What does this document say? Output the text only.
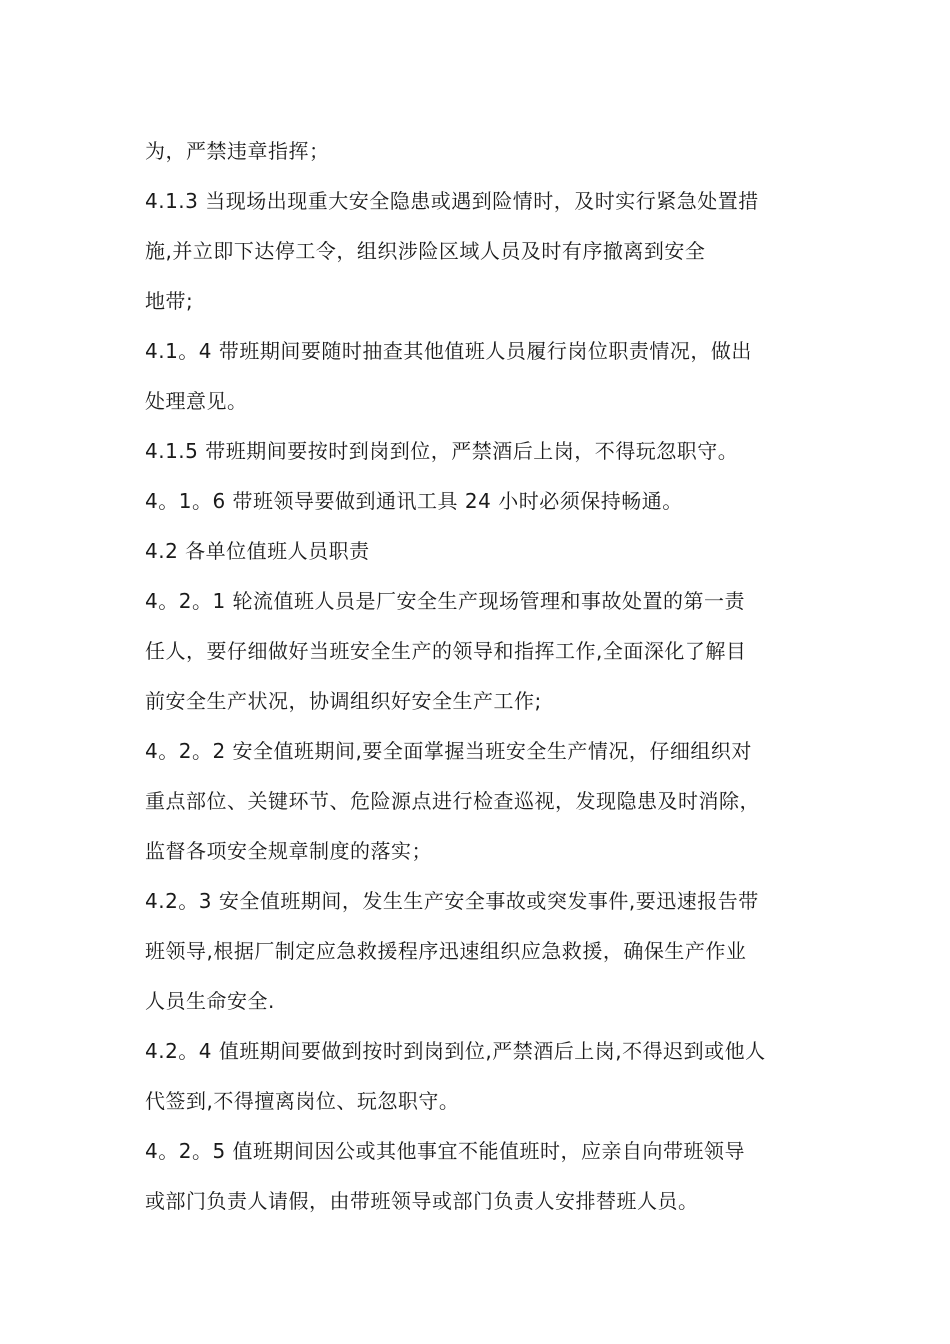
为，严禁违章指挥；
4.1.3 当现场出现重大安全隐患或遇到险情时，及时实行紧急处置措
施,并立即下达停工令，组织涉险区域人员及时有序撤离到安全
地带;
4.1。4 带班期间要随时抽查其他值班人员履行岗位职责情况，做出
处理意见。
4.1.5 带班期间要按时到岗到位，严禁酒后上岗，不得玩忽职守。
4。1。6 带班领导要做到通讯工具 24 小时必须保持畅通。
4.2 各单位值班人员职责
4。2。1 轮流值班人员是厂安全生产现场管理和事故处置的第一责
任人，要仔细做好当班安全生产的领导和指挥工作,全面深化了解目
前安全生产状况，协调组织好安全生产工作;
4。2。2 安全值班期间,要全面掌握当班安全生产情况，仔细组织对
重点部位、关键环节、危险源点进行检查巡视，发现隐患及时消除，
监督各项安全规章制度的落实；
4.2。3 安全值班期间，发生生产安全事故或突发事件,要迅速报告带
班领导,根据厂制定应急救援程序迅速组织应急救援，确保生产作业
人员生命安全.
4.2。4 值班期间要做到按时到岗到位,严禁酒后上岗,不得迟到或他人
代签到,不得擅离岗位、玩忽职守。
4。2。5 值班期间因公或其他事宜不能值班时，应亲自向带班领导
或部门负责人请假，由带班领导或部门负责人安排替班人员。
